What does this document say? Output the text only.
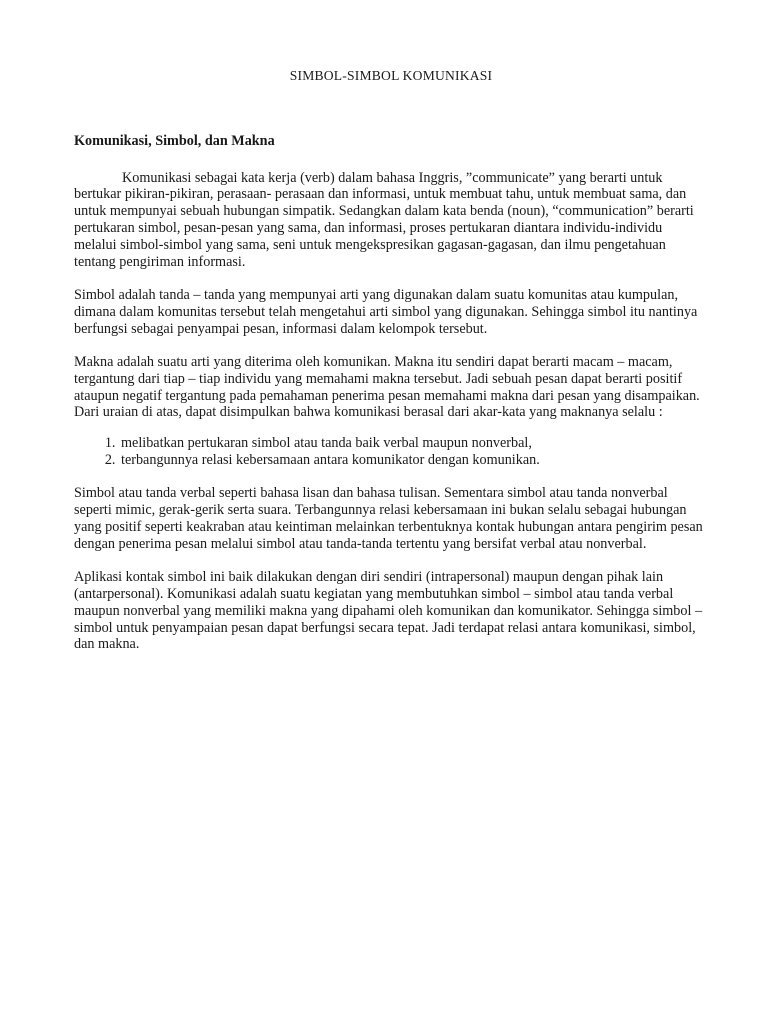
SIMBOL-SIMBOL KOMUNIKASI
Komunikasi, Simbol, dan Makna

Komunikasi sebagai kata kerja (verb) dalam bahasa Inggris, ”communicate” yang berarti untuk bertukar pikiran-pikiran, perasaan- perasaan dan informasi, untuk membuat tahu, untuk membuat sama, dan untuk mempunyai sebuah hubungan simpatik. Sedangkan dalam kata benda (noun), “communication” berarti pertukaran simbol, pesan-pesan yang sama, dan informasi, proses pertukaran diantara individu-individu melalui simbol-simbol yang sama, seni untuk mengekspresikan gagasan-gagasan, dan ilmu pengetahuan tentang pengiriman informasi.

Simbol adalah tanda – tanda yang mempunyai arti yang digunakan dalam suatu komunitas atau kumpulan, dimana dalam komunitas tersebut telah mengetahui arti simbol yang digunakan. Sehingga simbol itu nantinya berfungsi sebagai penyampai pesan, informasi dalam kelompok tersebut.

Makna adalah suatu arti yang diterima oleh komunikan. Makna itu sendiri dapat berarti macam – macam, tergantung dari tiap – tiap individu yang memahami makna tersebut. Jadi sebuah pesan dapat berarti positif ataupun negatif tergantung pada pemahaman penerima pesan memahami makna dari pesan yang disampaikan. Dari uraian di atas, dapat disimpulkan bahwa komunikasi berasal dari akar-kata yang maknanya selalu :

1. melibatkan pertukaran simbol atau tanda baik verbal maupun nonverbal,
2. terbangunnya relasi kebersamaan antara komunikator dengan komunikan.

Simbol atau tanda verbal seperti bahasa lisan dan bahasa tulisan. Sementara simbol atau tanda nonverbal seperti mimic, gerak-gerik serta suara. Terbangunnya relasi kebersamaan ini bukan selalu sebagai hubungan yang positif seperti keakraban atau keintiman melainkan terbentuknya kontak hubungan antara pengirim pesan dengan penerima pesan melalui simbol atau tanda-tanda tertentu yang bersifat verbal atau nonverbal.

Aplikasi kontak simbol ini baik dilakukan dengan diri sendiri (intrapersonal) maupun dengan pihak lain (antarpersonal). Komunikasi adalah suatu kegiatan yang membutuhkan simbol – simbol atau tanda verbal maupun nonverbal yang memiliki makna yang dipahami oleh komunikan dan komunikator. Sehingga simbol – simbol untuk penyampaian pesan dapat berfungsi secara tepat. Jadi terdapat relasi antara komunikasi, simbol, dan makna.
